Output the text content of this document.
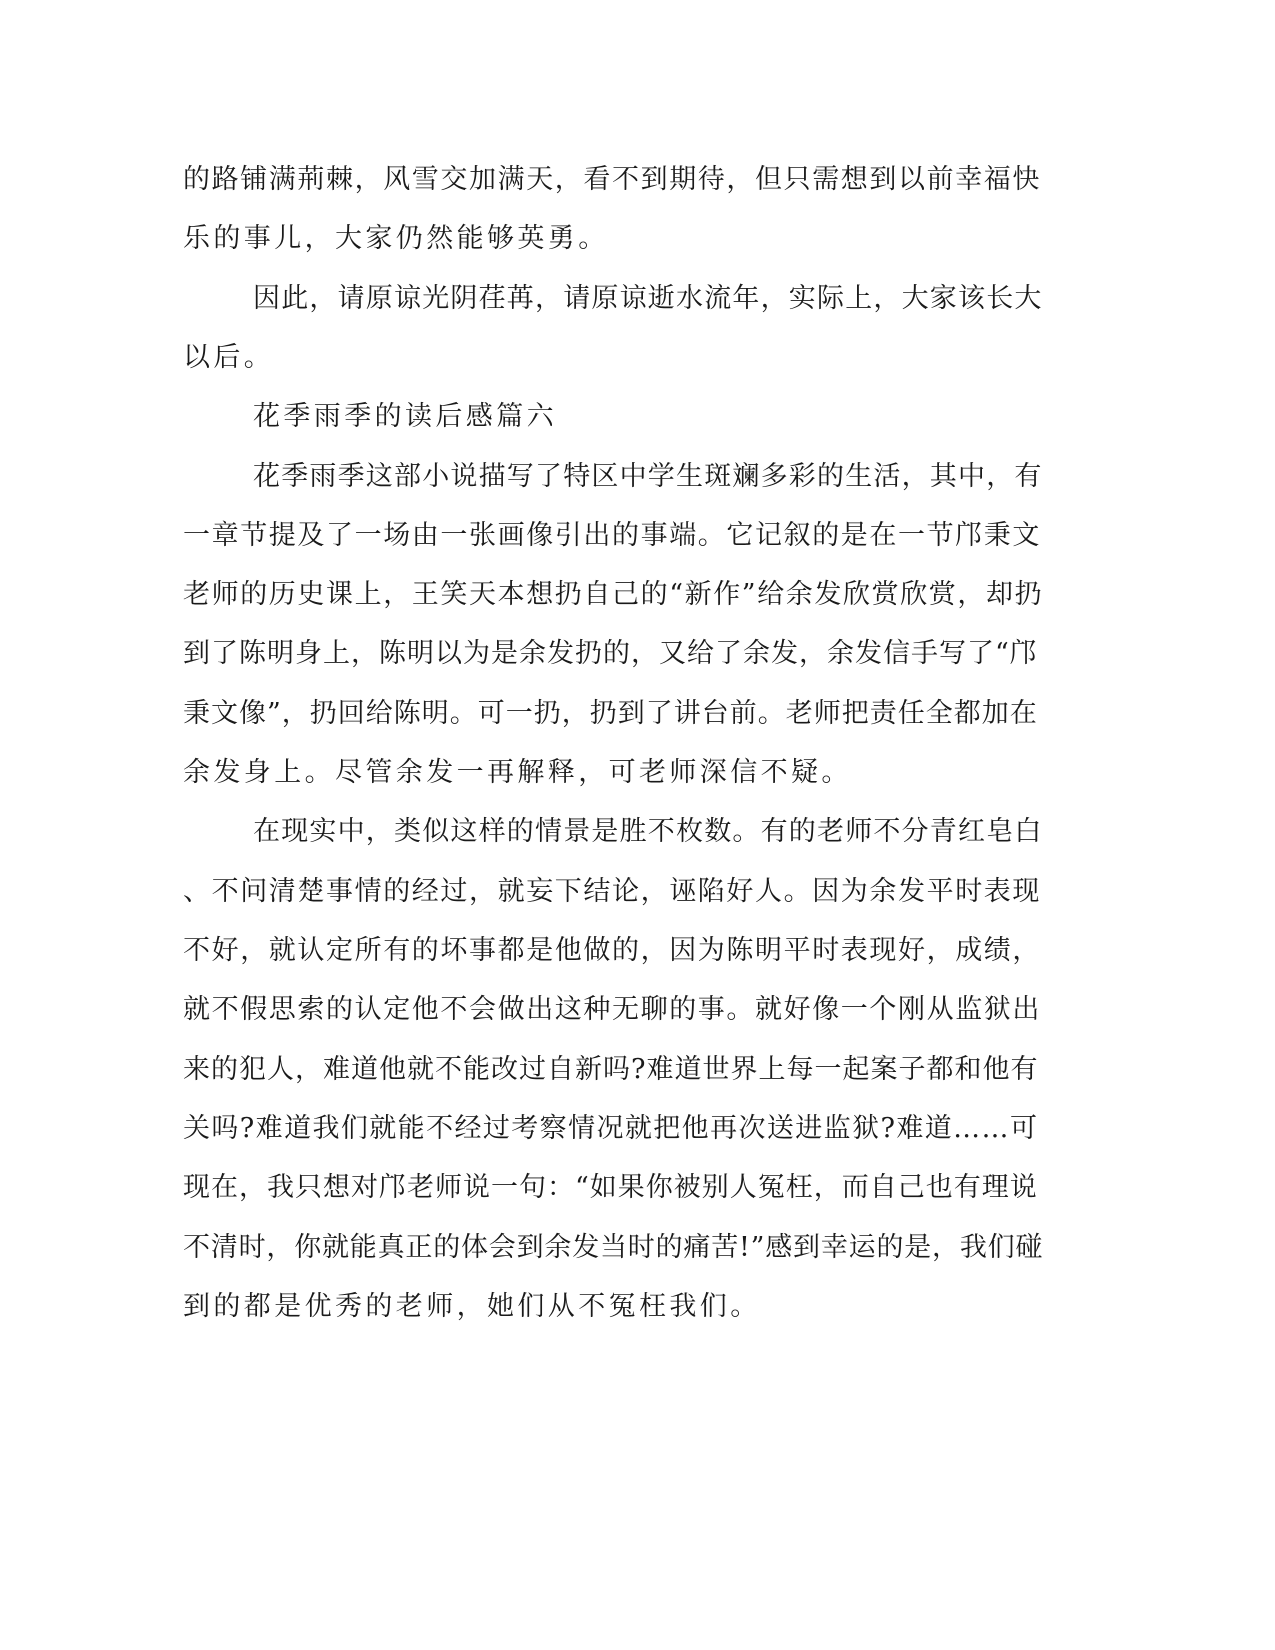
的路铺满荊棘，风雪交加满天，看不到期待，但只需想到以前幸福快
乐的事儿，大家仍然能够英勇。
因此，请原谅光阴荏苒，请原谅逝水流年，实际上，大家该长大
以后。
花季雨季的读后感篇六
花季雨季这部小说描写了特区中学生斑斓多彩的生活，其中，有
一章节提及了一场由一张画像引出的事端。它记叙的是在一节邝秉文
老师的历史课上，王笑天本想扔自己的“新作”给余发欣赏欣赏，却扔
到了陈明身上，陈明以为是余发扔的，又给了余发，余发信手写了“邝
秉文像”，扔回给陈明。可一扔，扔到了讲台前。老师把责任全都加在
余发身上。尽管余发一再解释，可老师深信不疑。
在现实中，类似这样的情景是胜不枚数。有的老师不分青红皂白
、不问清楚事情的经过，就妄下结论，诬陷好人。因为余发平时表现
不好，就认定所有的坏事都是他做的，因为陈明平时表现好，成绩，
就不假思索的认定他不会做出这种无聊的事。就好像一个刚从监狱出
来的犯人，难道他就不能改过自新吗?难道世界上每一起案子都和他有
关吗?难道我们就能不经过考察情况就把他再次送进监狱?难道……可
现在，我只想对邝老师说一句：“如果你被别人冤枉，而自己也有理说
不清时，你就能真正的体会到余发当时的痛苦!”感到幸运的是，我们碰
到的都是优秀的老师，她们从不冤枉我们。
